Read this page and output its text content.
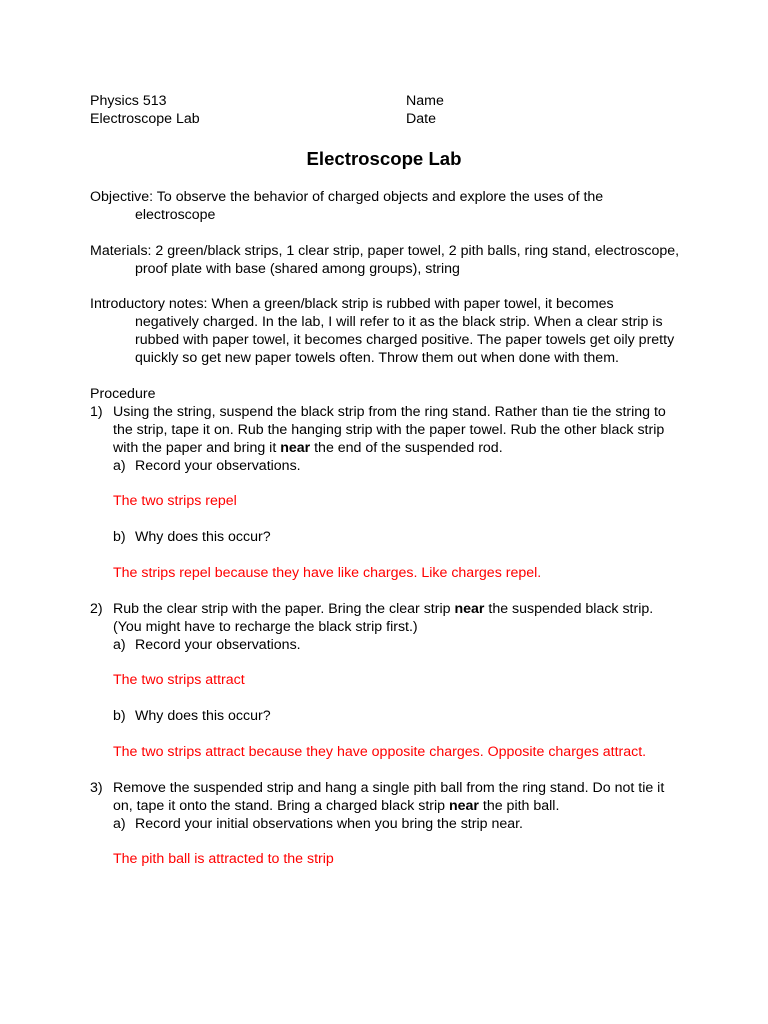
Physics 513
Electroscope Lab
Name
Date
Electroscope Lab

Objective: To observe the behavior of charged objects and explore the uses of the electroscope

Materials: 2 green/black strips, 1 clear strip, paper towel, 2 pith balls, ring stand, electroscope, proof plate with base (shared among groups), string

Introductory notes: When a green/black strip is rubbed with paper towel, it becomes negatively charged. In the lab, I will refer to it as the black strip. When a clear strip is rubbed with paper towel, it becomes charged positive. The paper towels get oily pretty quickly so get new paper towels often. Throw them out when done with them.

Procedure
1) Using the string, suspend the black strip from the ring stand. Rather than tie the string to the strip, tape it on. Rub the hanging strip with the paper towel. Rub the other black strip with the paper and bring it near the end of the suspended rod.
a) Record your observations.
The two strips repel
b) Why does this occur?
The strips repel because they have like charges. Like charges repel.
2) Rub the clear strip with the paper. Bring the clear strip near the suspended black strip. (You might have to recharge the black strip first.)
a) Record your observations.
The two strips attract
b) Why does this occur?
The two strips attract because they have opposite charges. Opposite charges attract.
3) Remove the suspended strip and hang a single pith ball from the ring stand. Do not tie it on, tape it onto the stand. Bring a charged black strip near the pith ball.
a) Record your initial observations when you bring the strip near.
The pith ball is attracted to the strip
